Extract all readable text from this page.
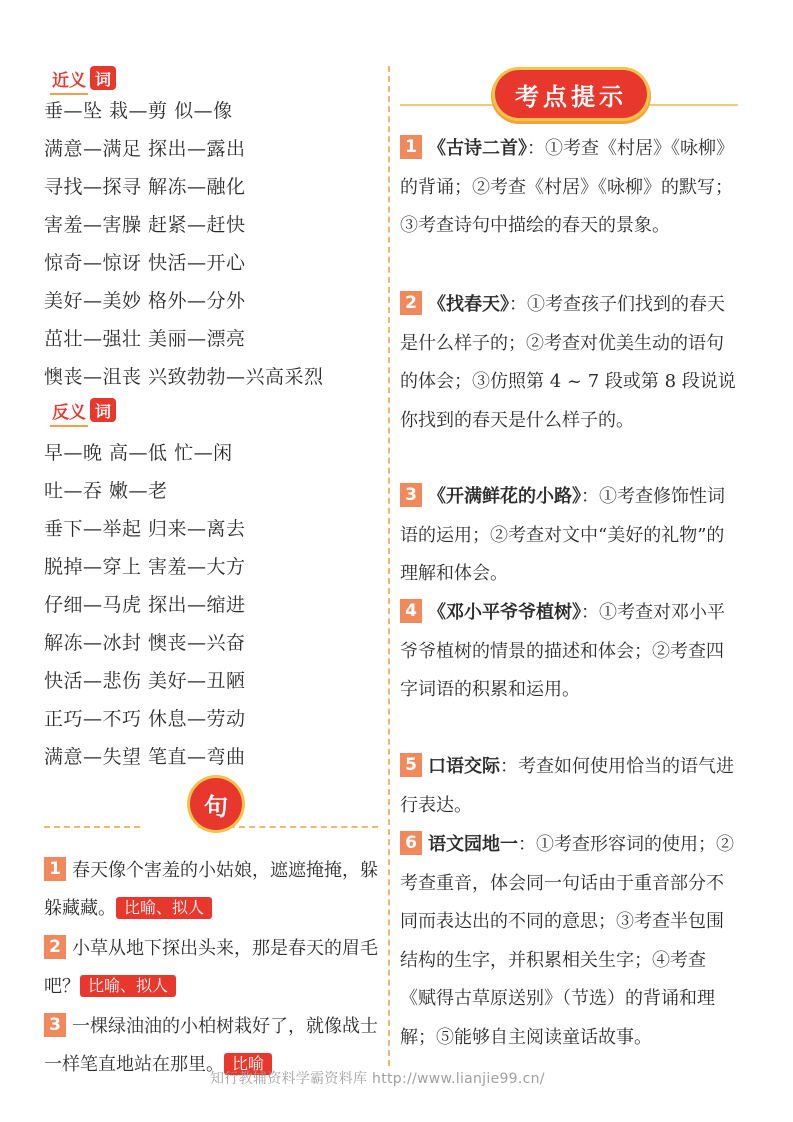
近义 词
垂—坠 栽—剪 似—像
满意—满足 探出—露出
寻找—探寻 解冻—融化
害羞—害臊 赶紧—赶快
惊奇—惊讶 快活—开心
美好—美妙 格外—分外
茁壮—强壮 美丽—漂亮
懊丧—沮丧 兴致勃勃—兴高采烈
反义 词
早—晚 高—低 忙—闲
吐—吞 嫩—老
垂下—举起 归来—离去
脱掉—穿上 害羞—大方
仔细—马虎 探出—缩进
解冻—冰封 懊丧—兴奋
快活—悲伤 美好—丑陋
正巧—不巧 休息—劳动
满意—失望 笔直—弯曲
句
1 春天像个害羞的小姑娘，遮遮掩掩，躲躲藏藏。 比喻、拟人
2 小草从地下探出头来，那是春天的眉毛吧？ 比喻、拟人
3 一棵绿油油的小柏树栽好了，就像战士一样笔直地站在那里。 比喻
考点提示
1 《古诗二首》：①考查《村居》《咏柳》的背诵；②考查《村居》《咏柳》的默写；③考查诗句中描绘的春天的景象。
2 《找春天》：①考查孩子们找到的春天是什么样子的；②考查对优美生动的语句的体会；③仿照第 4 ~ 7 段或第 8 段说说你找到的春天是什么样子的。
3 《开满鲜花的小路》：①考查修饰性词语的运用；②考查对文中“美好的礼物”的理解和体会。
4 《邓小平爷爷植树》：①考查对邓小平爷爷植树的情景的描述和体会；②考查四字词语的积累和运用。
5 口语交际：考查如何使用恰当的语气进行表达。
6 语文园地一：①考查形容词的使用；②考查重音，体会同一句话由于重音部分不同而表达出的不同的意思；③考查半包围结构的生字，并积累相关生字；④考查《赋得古草原送别》（节选）的背诵和理解；⑤能够自主阅读童话故事。
知行教辅资料学霸资料库 http://www.lianjie99.cn/
